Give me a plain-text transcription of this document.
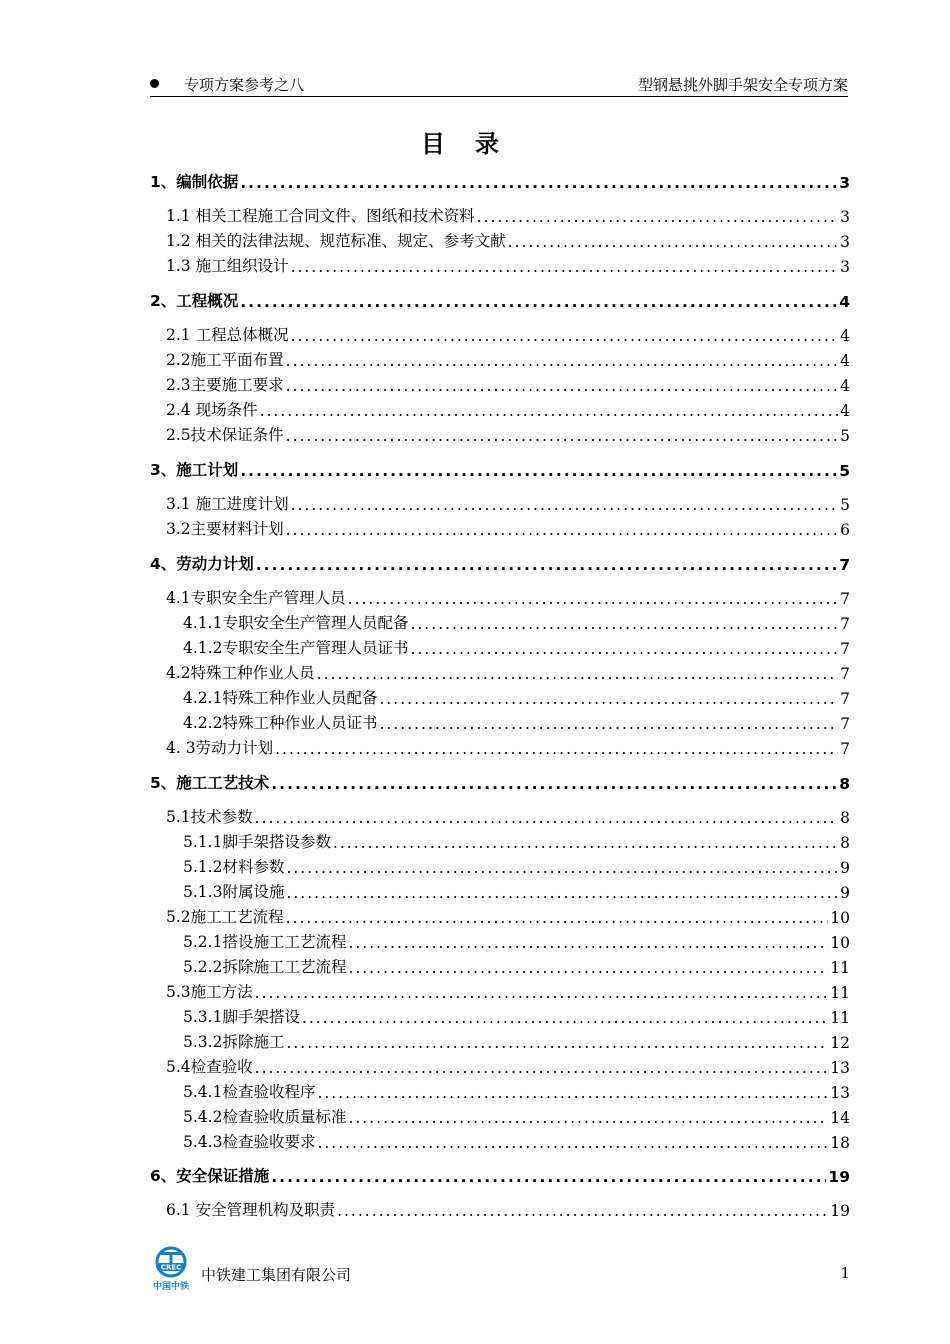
专项方案参考之八	型钢悬挑外脚手架安全专项方案
目录
1、编制依据 .....	3
1.1 相关工程施工合同文件、图纸和技术资料 .....	3
1.2 相关的法律法规、规范标准、规定、参考文献 .....	3
1.3 施工组织设计 .....	3
2、工程概况 .....	4
2.1 工程总体概况 .....	4
2.2施工平面布置 .....	4
2.3主要施工要求 .....	4
2.4 现场条件 .....	4
2.5技术保证条件 .....	5
3、施工计划 .....	5
3.1 施工进度计划 .....	5
3.2主要材料计划 .....	6
4、劳动力计划 .....	7
4.1专职安全生产管理人员 .....	7
4.1.1专职安全生产管理人员配备 .....	7
4.1.2专职安全生产管理人员证书 .....	7
4.2特殊工种作业人员 .....	7
4.2.1特殊工种作业人员配备 .....	7
4.2.2特殊工种作业人员证书 .....	7
4. 3劳动力计划 .....	7
5、施工工艺技术 .....	8
5.1技术参数 .....	8
5.1.1脚手架搭设参数 .....	8
5.1.2材料参数 .....	9
5.1.3附属设施 .....	9
5.2施工工艺流程 .....	10
5.2.1搭设施工工艺流程 .....	10
5.2.2拆除施工工艺流程 .....	11
5.3施工方法 .....	11
5.3.1脚手架搭设 .....	11
5.3.2拆除施工 .....	12
5.4检查验收 .....	13
5.4.1检查验收程序 .....	13
5.4.2检查验收质量标准 .....	14
5.4.3检查验收要求 .....	18
6、安全保证措施 .....	19
6.1 安全管理机构及职责 .....	19
CREC
中国中铁
中铁建工集团有限公司	1
